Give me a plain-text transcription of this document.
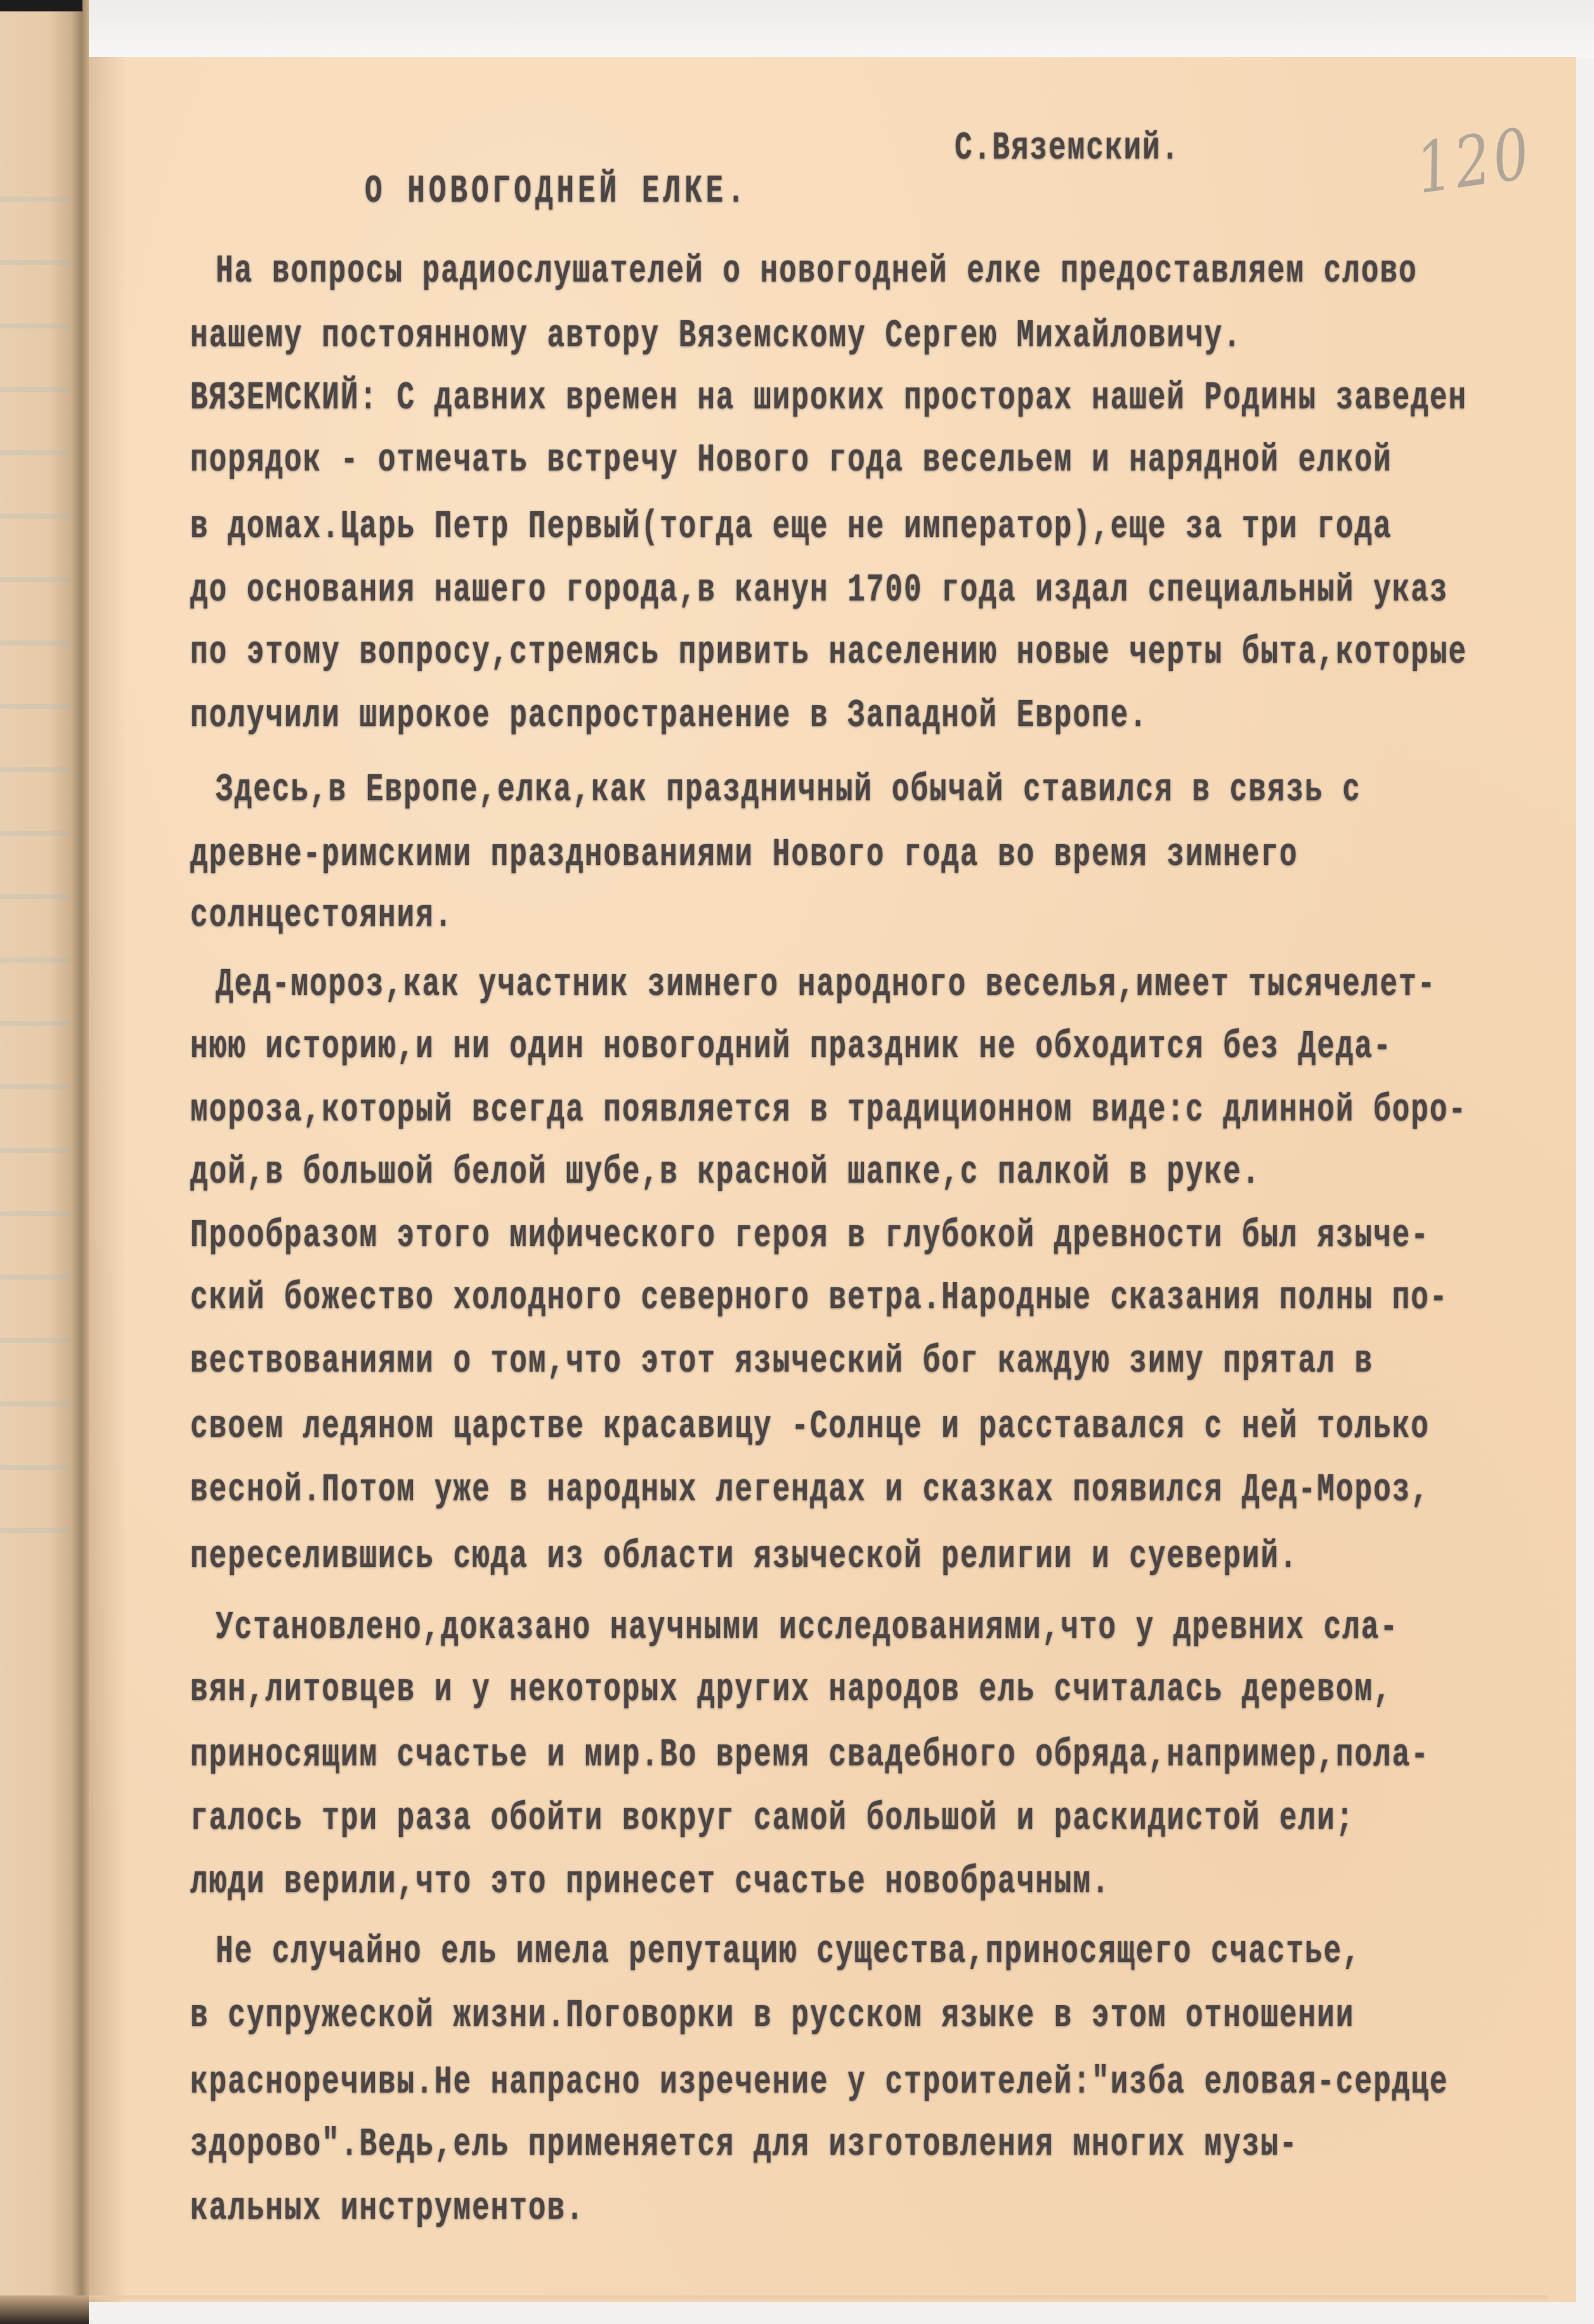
120
С.Вяземский.
О НОВОГОДНЕЙ ЕЛКЕ.
На вопросы радиослушателей о новогодней елке предоставляем слово
нашему постоянному автору Вяземскому Сергею Михайловичу.
ВЯЗЕМСКИЙ: С давних времен на широких просторах нашей Родины заведен
порядок - отмечать встречу Нового года весельем и нарядной елкой
в домах.Царь Петр Первый(тогда еще не император),еще за три года
до основания нашего города,в канун 1700 года издал специальный указ
по этому вопросу,стремясь привить населению новые черты быта,которые
получили широкое распространение в Западной Европе.
Здесь,в Европе,елка,как праздничный обычай ставился в связь с
древне-римскими празднованиями Нового года во время зимнего
солнцестояния.
Дед-мороз,как участник зимнего народного веселья,имеет тысячелет-
нюю историю,и ни один новогодний праздник не обходится без Деда-
мороза,который всегда появляется в традиционном виде:с длинной боро-
дой,в большой белой шубе,в красной шапке,с палкой в руке.
Прообразом этого мифического героя в глубокой древности был языче-
ский божество холодного северного ветра.Народные сказания полны по-
вествованиями о том,что этот языческий бог каждую зиму прятал в
своем ледяном царстве красавицу -Солнце и расставался с ней только
весной.Потом уже в народных легендах и сказках появился Дед-Мороз,
переселившись сюда из области языческой религии и суеверий.
Установлено,доказано научными исследованиями,что у древних сла-
вян,литовцев и у некоторых других народов ель считалась деревом,
приносящим счастье и мир.Во время свадебного обряда,например,пола-
галось три раза обойти вокруг самой большой и раскидистой ели;
люди верили,что это принесет счастье новобрачным.
Не случайно ель имела репутацию существа,приносящего счастье,
в супружеской жизни.Поговорки в русском языке в этом отношении
красноречивы.Не напрасно изречение у строителей:"изба еловая-сердце
здорово".Ведь,ель применяется для изготовления многих музы-
кальных инструментов.
